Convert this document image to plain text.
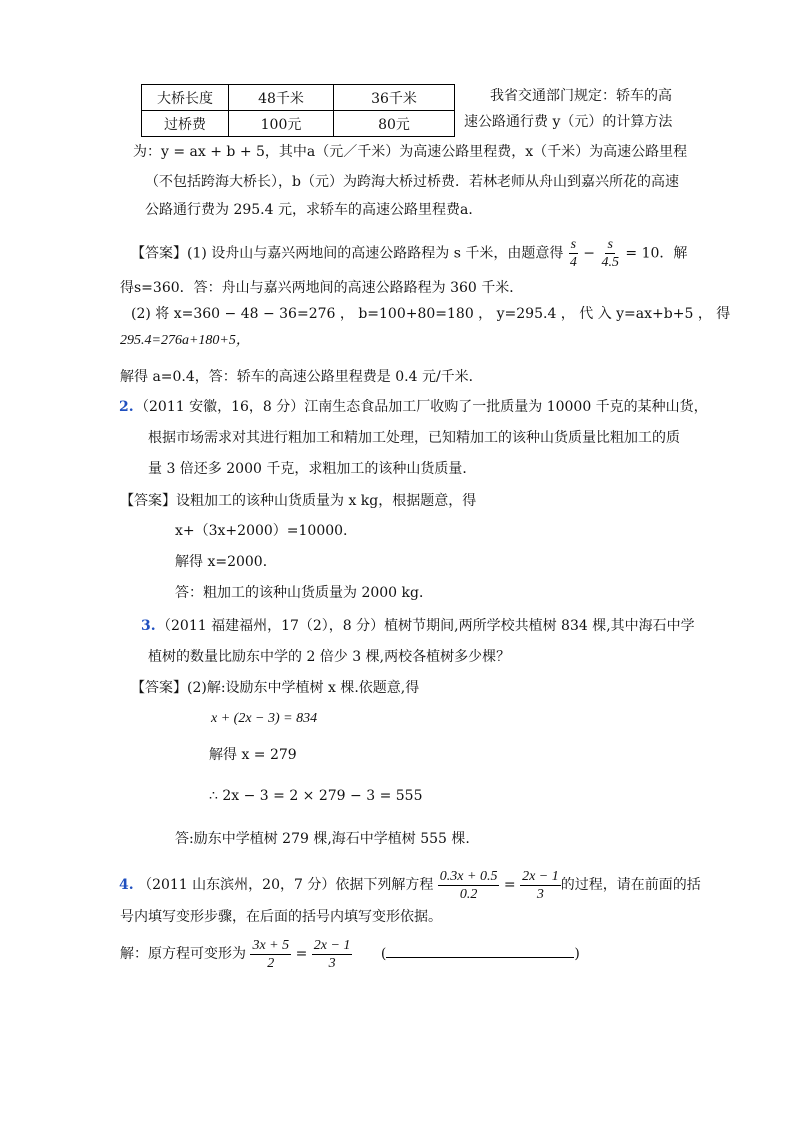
大桥长度	48千米	36千米
过桥费	100元	80元
我省交通部门规定：轿车的高
速公路通行费 y（元）的计算方法
为：y = ax + b + 5，其中a（元／千米）为高速公路里程费，x（千米）为高速公路里程
（不包括跨海大桥长），b（元）为跨海大桥过桥费．若林老师从舟山到嘉兴所花的高速
公路通行费为 295.4 元，求轿车的高速公路里程费a．
【答案】(1) 设舟山与嘉兴两地间的高速公路路程为 s 千米，由题意得 $\frac{s}{4} - \frac{s}{4.5} = 10$．解
得s=360．答：舟山与嘉兴两地间的高速公路路程为 360 千米．
(2) 将 x=360 − 48 − 36=276 ， b=100+80=180 ， y=295.4 ， 代 入 y=ax+b+5 ， 得
295.4=276a+180+5，
解得 a=0.4，答：轿车的高速公路里程费是 0.4 元/千米．
2. （2011 安徽，16，8 分）江南生态食品加工厂收购了一批质量为 10000 千克的某种山货，
根据市场需求对其进行粗加工和精加工处理，已知精加工的该种山货质量比粗加工的质
量 3 倍还多 2000 千克，求粗加工的该种山货质量．
【答案】设粗加工的该种山货质量为 x kg，根据题意，得
x+（3x+2000）=10000.
解得 x=2000．
答：粗加工的该种山货质量为 2000 kg．
3. （2011 福建福州，17（2），8 分）植树节期间,两所学校共植树 834 棵,其中海石中学
植树的数量比励东中学的 2 倍少 3 棵,两校各植树多少棵？
【答案】(2)解:设励东中学植树 x 棵.依题意,得
x + (2x − 3) = 834
解得 x = 279
∴ 2x − 3 = 2 × 279 − 3 = 555
答:励东中学植树 279 棵,海石中学植树 555 棵.
4. （2011 山东滨州，20，7 分）依据下列解方程 $\frac{0.3x + 0.5}{0.2} = \frac{2x - 1}{3}$ 的过程，请在前面的括
号内填写变形步骤，在后面的括号内填写变形依据。
解：原方程可变形为 $\frac{3x + 5}{2} = \frac{2x - 1}{3}$ (	)
